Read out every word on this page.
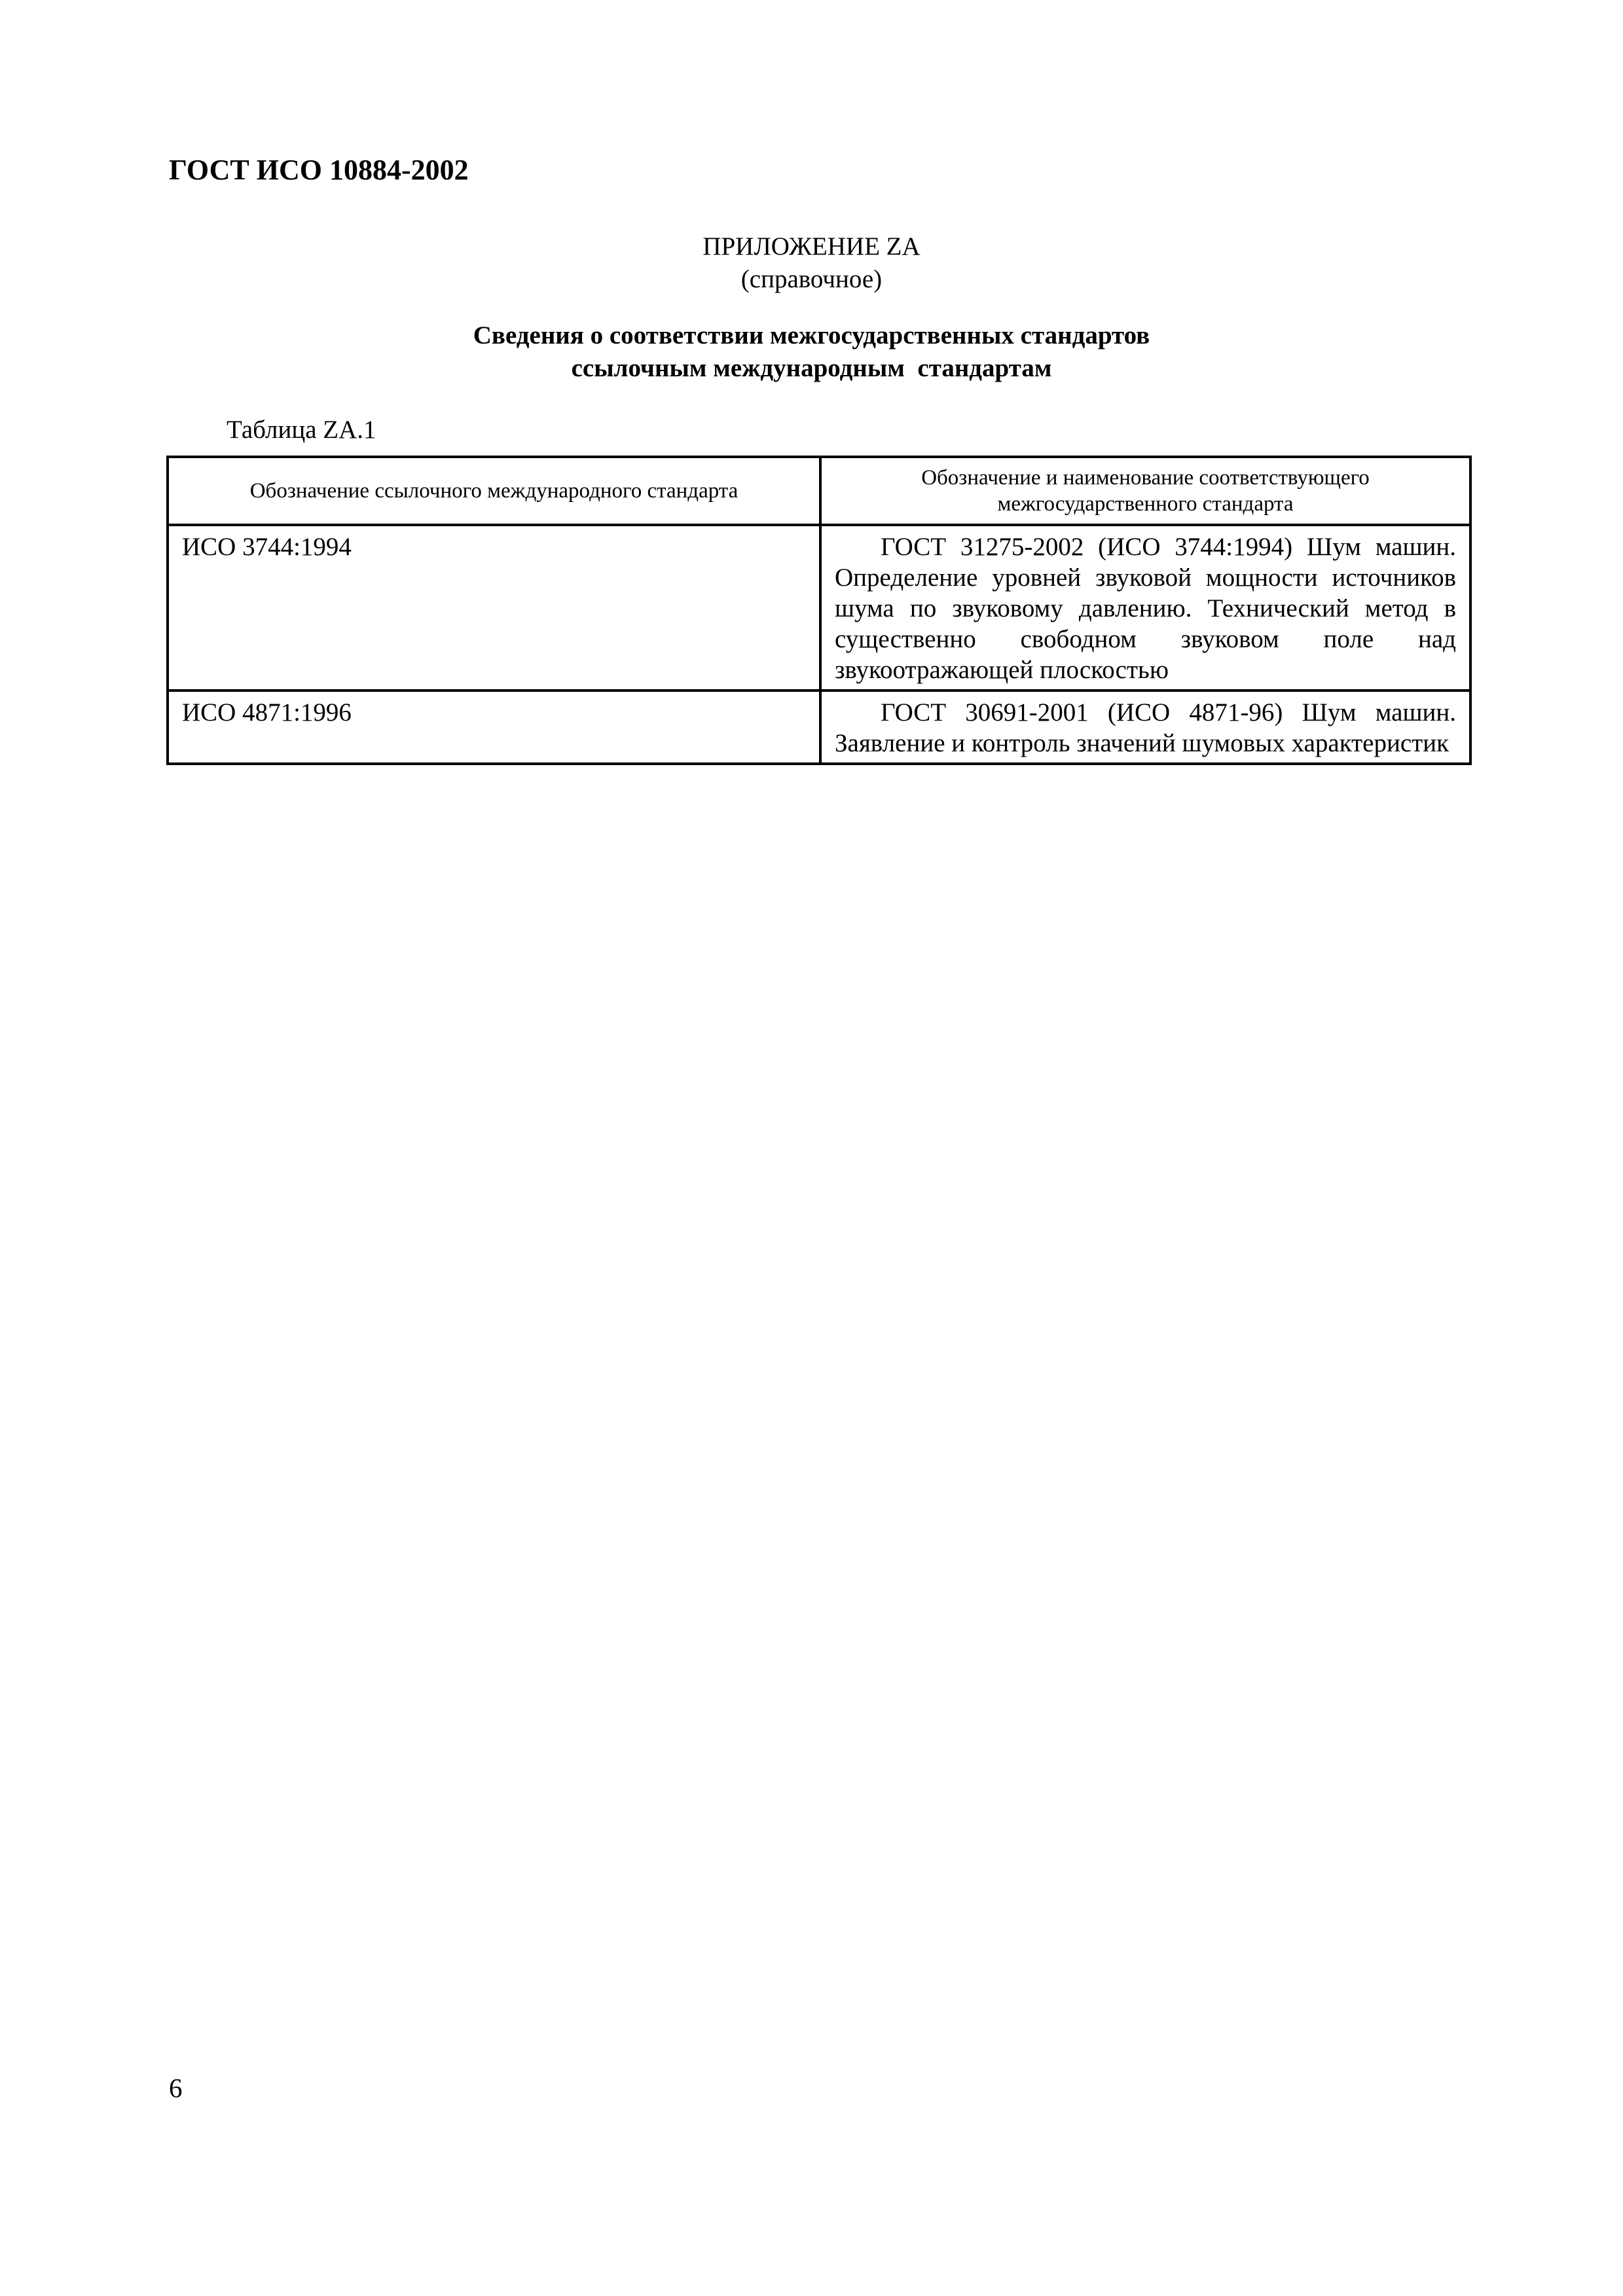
ГОСТ ИСО 10884-2002
ПРИЛОЖЕНИЕ ZA
(справочное)
Сведения о соответствии межгосударственных стандартов
ссылочным международным  стандартам
Таблица ZA.1
Обозначение ссылочного международного стандарта	Обозначение и наименование соответствующего межгосударственного стандарта
ИСО 3744:1994	ГОСТ 31275-2002 (ИСО 3744:1994) Шум машин. Определение уровней звуковой мощности источников шума по звуковому давлению. Технический метод в существенно свободном звуковом поле над звукоотражающей плоскостью
ИСО 4871:1996	ГОСТ 30691-2001 (ИСО 4871-96) Шум машин. Заявление и контроль значений шумовых характеристик
6
